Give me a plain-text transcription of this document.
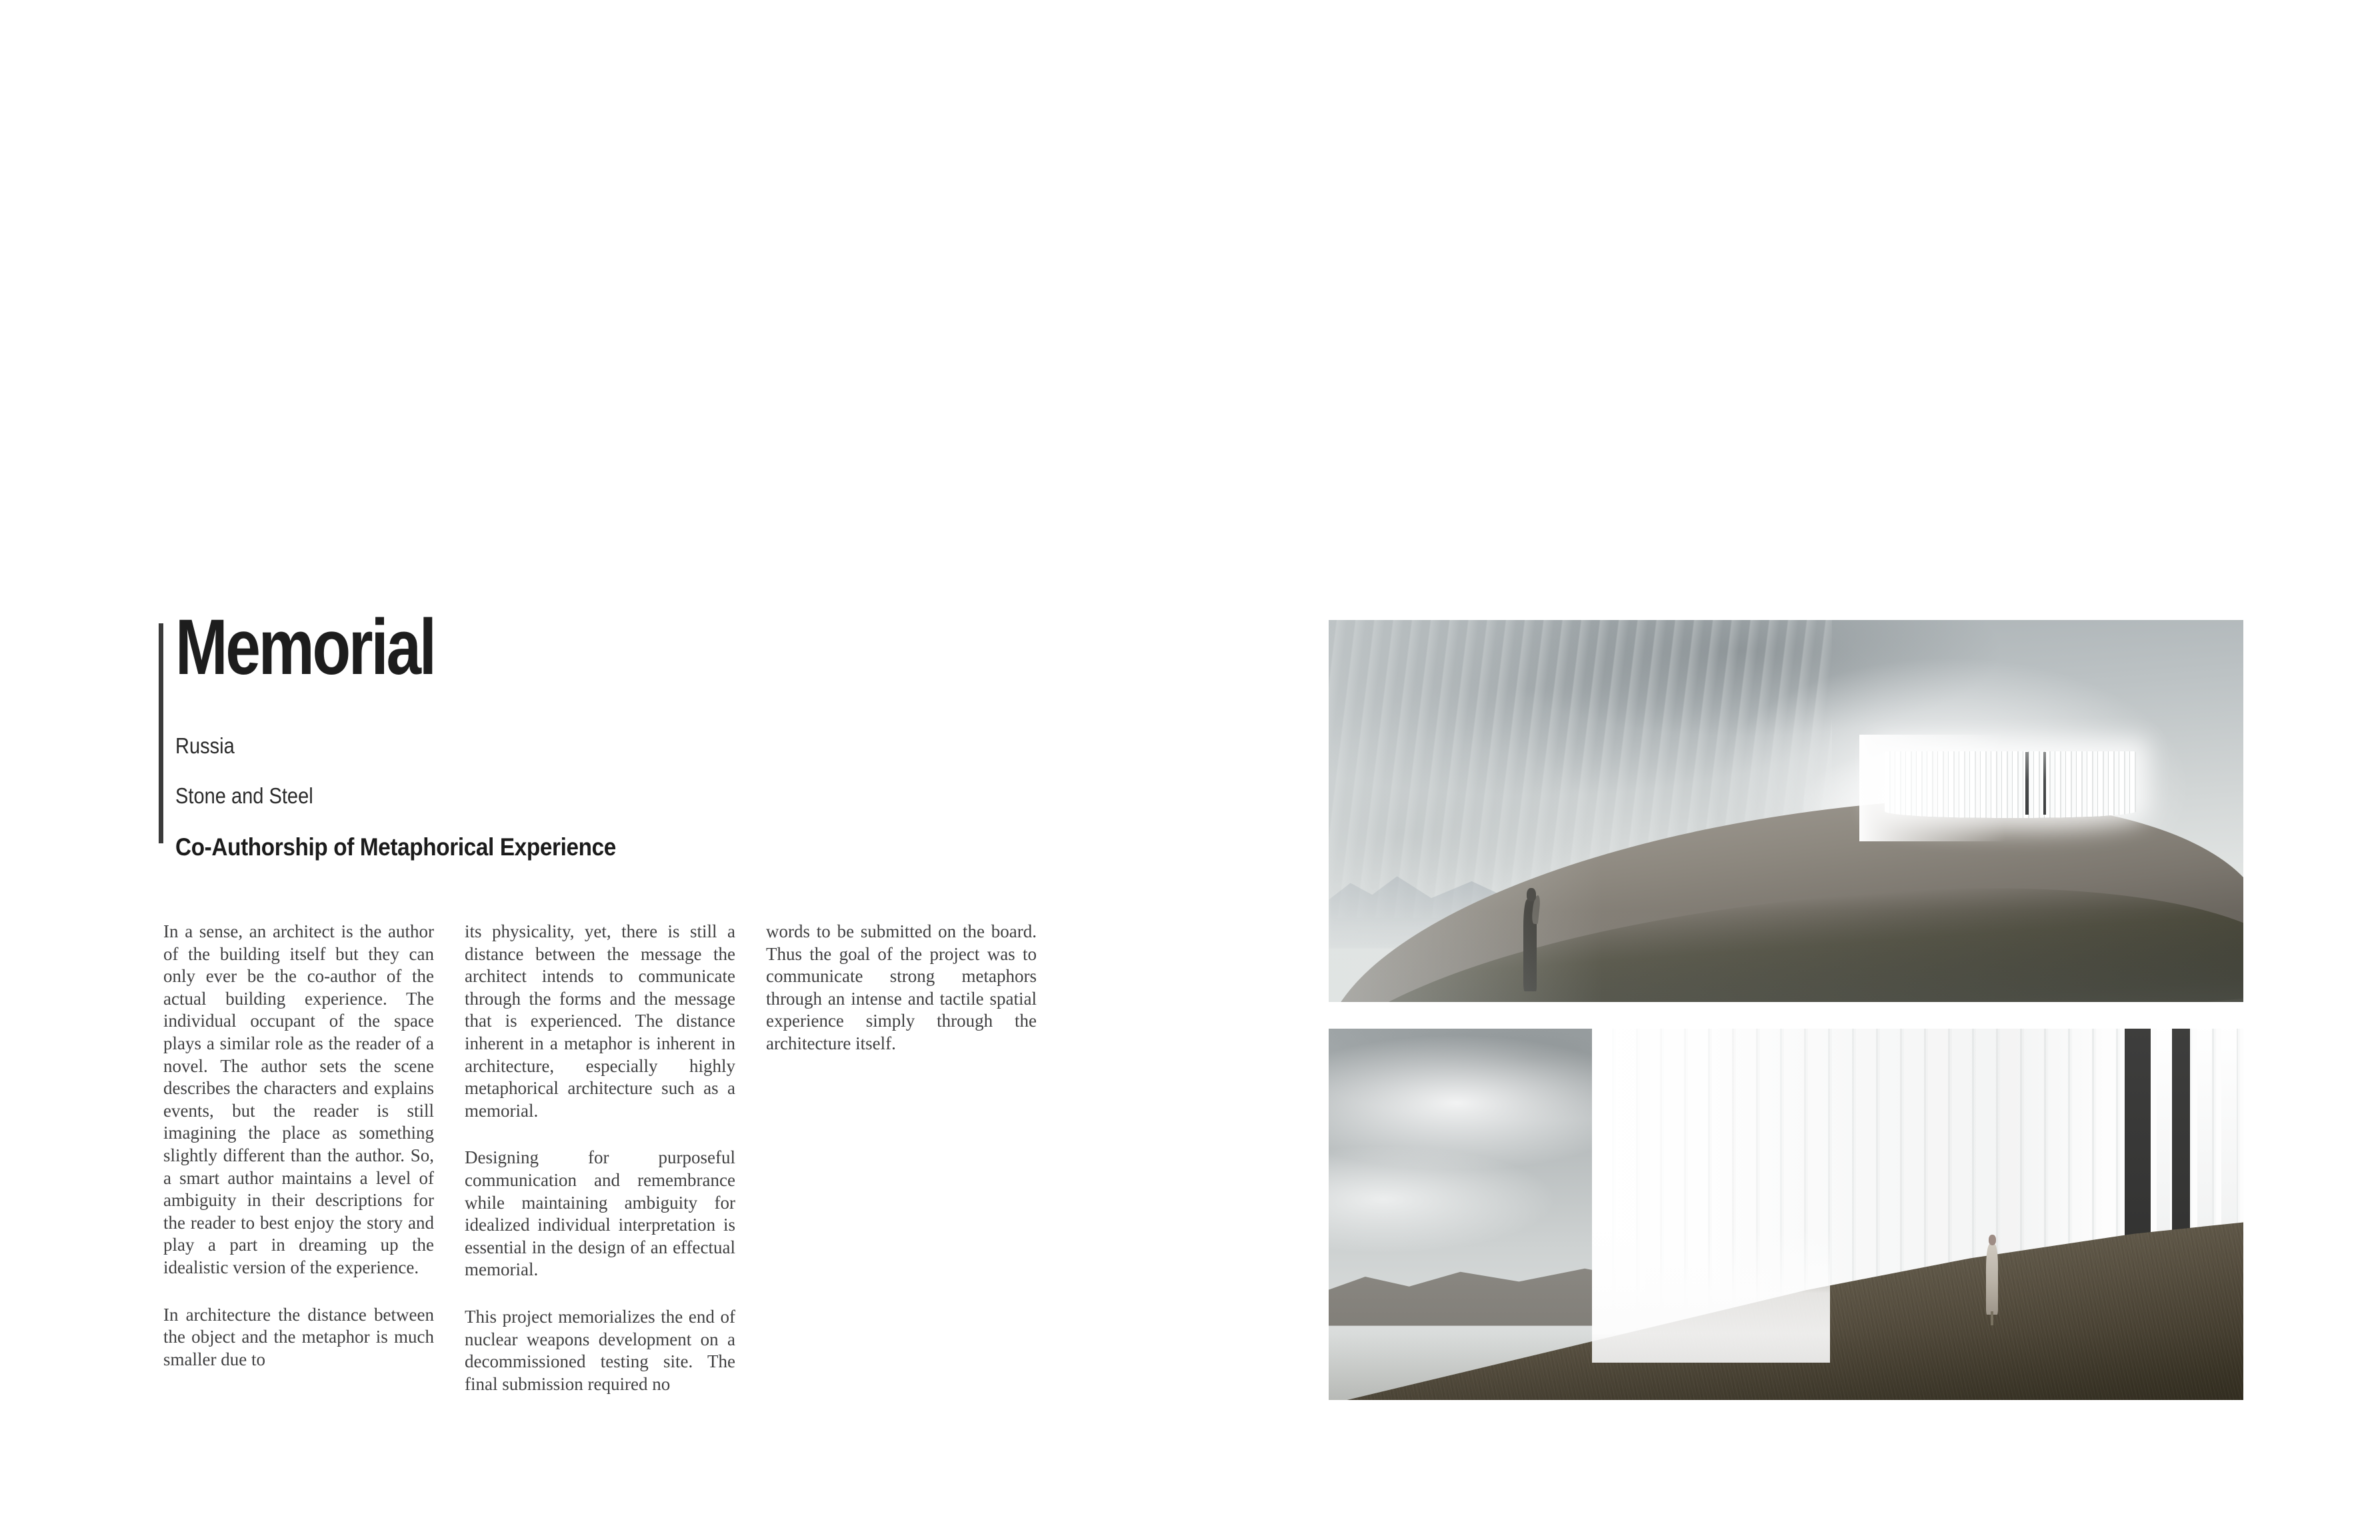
Memorial
Russia
Stone and Steel
Co-Authorship of Metaphorical Experience

In a sense, an architect is the author of the building itself but they can only ever be the co-author of the actual building experience. The individual occupant of the space plays a similar role as the reader of a novel. The author sets the scene describes the characters and explains events, but the reader is still imagining the place as something slightly different than the author. So, a smart author maintains a level of ambiguity in their descriptions for the reader to best enjoy the story and play a part in dreaming up the idealistic version of the experience.

In architecture the distance between the object and the metaphor is much smaller due to

its physicality, yet, there is still a distance between the message the architect intends to communicate through the forms and the message that is experienced. The distance inherent in a metaphor is inherent in architecture, especially highly metaphorical architecture such as a memorial.

Designing for purposeful communication and remembrance while maintaining ambiguity for idealized individual interpretation is essential in the design of an effectual memorial.

This project memorializes the end of nuclear weapons development on a decommissioned testing site. The final submission required no

words to be submitted on the board. Thus the goal of the project was to communicate strong metaphors through an intense and tactile spatial experience simply through the architecture itself.
